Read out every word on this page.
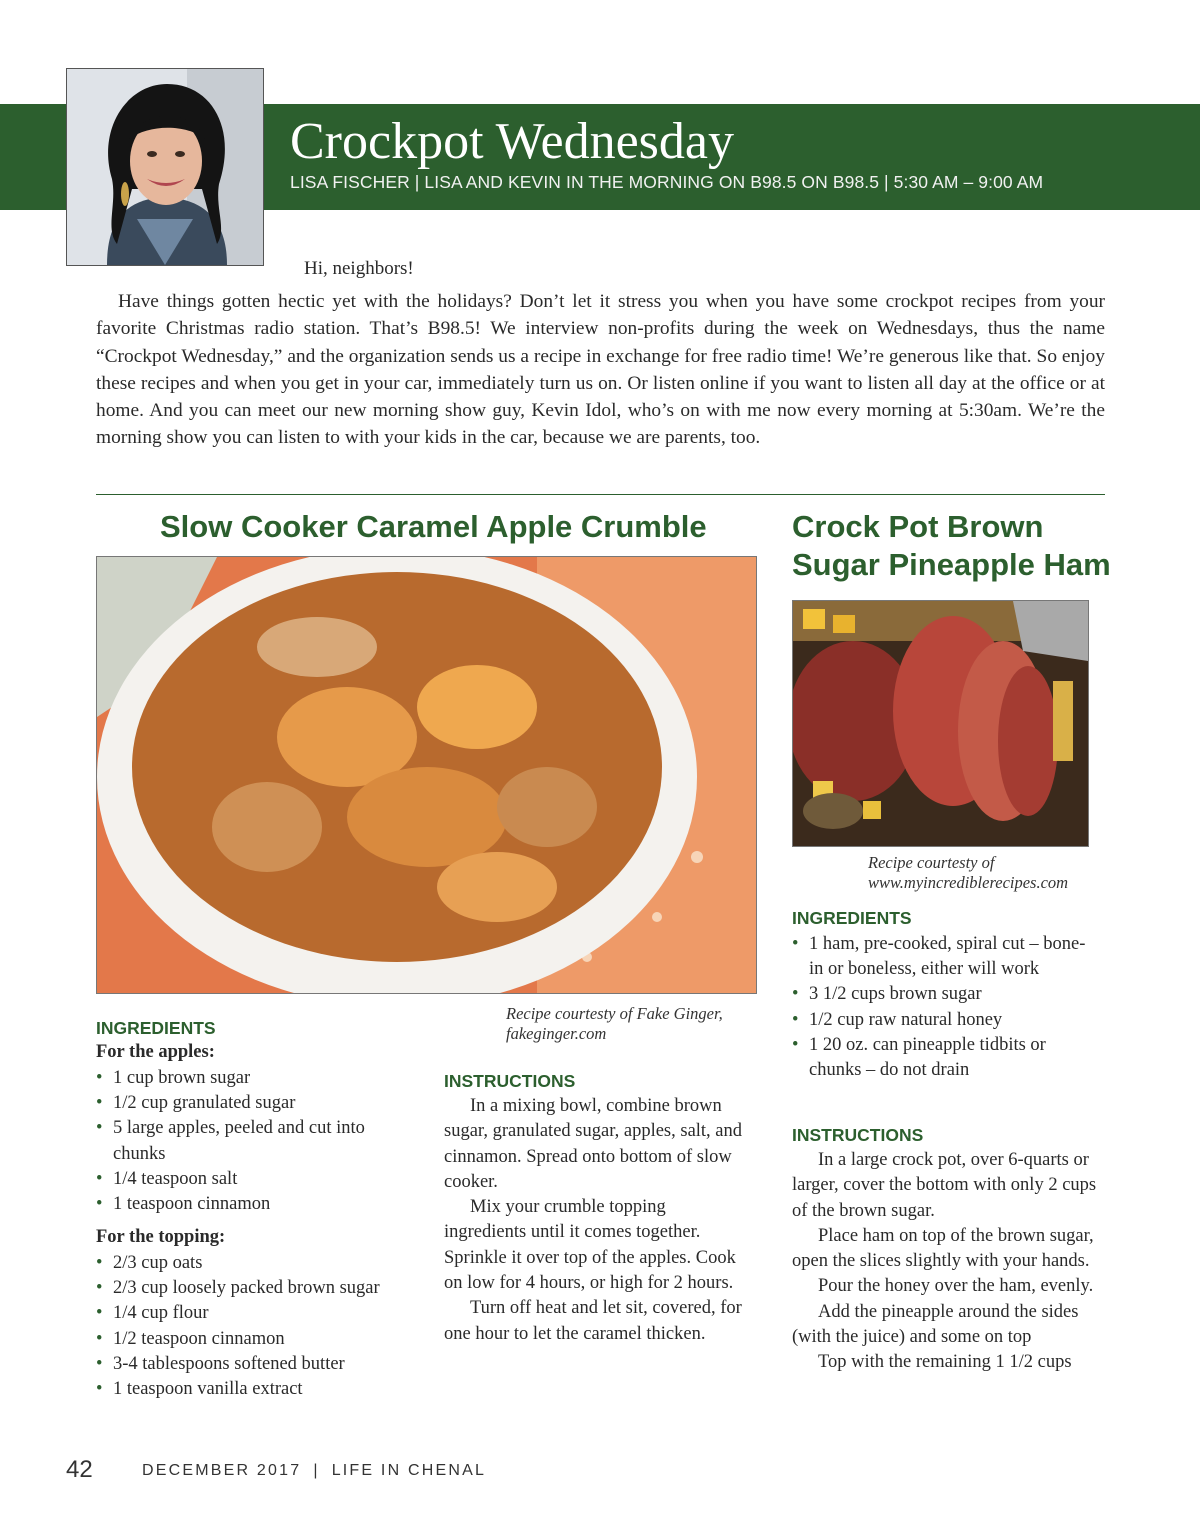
Crockpot Wednesday
LISA FISCHER | LISA AND KEVIN IN THE MORNING ON B98.5 ON B98.5 | 5:30 AM – 9:00 AM

Hi, neighbors!

Have things gotten hectic yet with the holidays? Don’t let it stress you when you have some crockpot recipes from your favorite Christmas radio station. That’s B98.5! We interview non-profits during the week on Wednesdays, thus the name “Crockpot Wednesday,” and the organization sends us a recipe in exchange for free radio time! We’re generous like that. So enjoy these recipes and when you get in your car, immediately turn us on. Or listen online if you want to listen all day at the office or at home. And you can meet our new morning show guy, Kevin Idol, who’s on with me now every morning at 5:30am. We’re the morning show you can listen to with your kids in the car, because we are parents, too.

Slow Cooker Caramel Apple Crumble
Recipe courtesty of Fake Ginger,
fakeginger.com
INGREDIENTS

For the apples:

• 1 cup brown sugar
• 1/2 cup granulated sugar
• 5 large apples, peeled and cut into chunks
• 1/4 teaspoon salt
• 1 teaspoon cinnamon

For the topping:

• 2/3 cup oats
• 2/3 cup loosely packed brown sugar
• 1/4 cup flour
• 1/2 teaspoon cinnamon
• 3-4 tablespoons softened butter
• 1 teaspoon vanilla extract
INSTRUCTIONS

In a mixing bowl, combine brown sugar, granulated sugar, apples, salt, and cinnamon. Spread onto bottom of slow cooker.

Mix your crumble topping ingredients until it comes together. Sprinkle it over top of the apples. Cook on low for 4 hours, or high for 2 hours.

Turn off heat and let sit, covered, for one hour to let the caramel thicken.

Crock Pot Brown
Sugar Pineapple Ham
Recipe courtesty of
www.myincrediblerecipes.com
INGREDIENTS
• 1 ham, pre-cooked, spiral cut – bone-in or boneless, either will work
• 3 1/2 cups brown sugar
• 1/2 cup raw natural honey
• 1 20 oz. can pineapple tidbits or chunks – do not drain
INSTRUCTIONS

In a large crock pot, over 6-quarts or larger, cover the bottom with only 2 cups of the brown sugar.

Place ham on top of the brown sugar, open the slices slightly with your hands.

Pour the honey over the ham, evenly.

Add the pineapple around the sides (with the juice) and some on top

Top with the remaining 1 1/2 cups

42	DECEMBER 2017 | LIFE IN CHENAL
